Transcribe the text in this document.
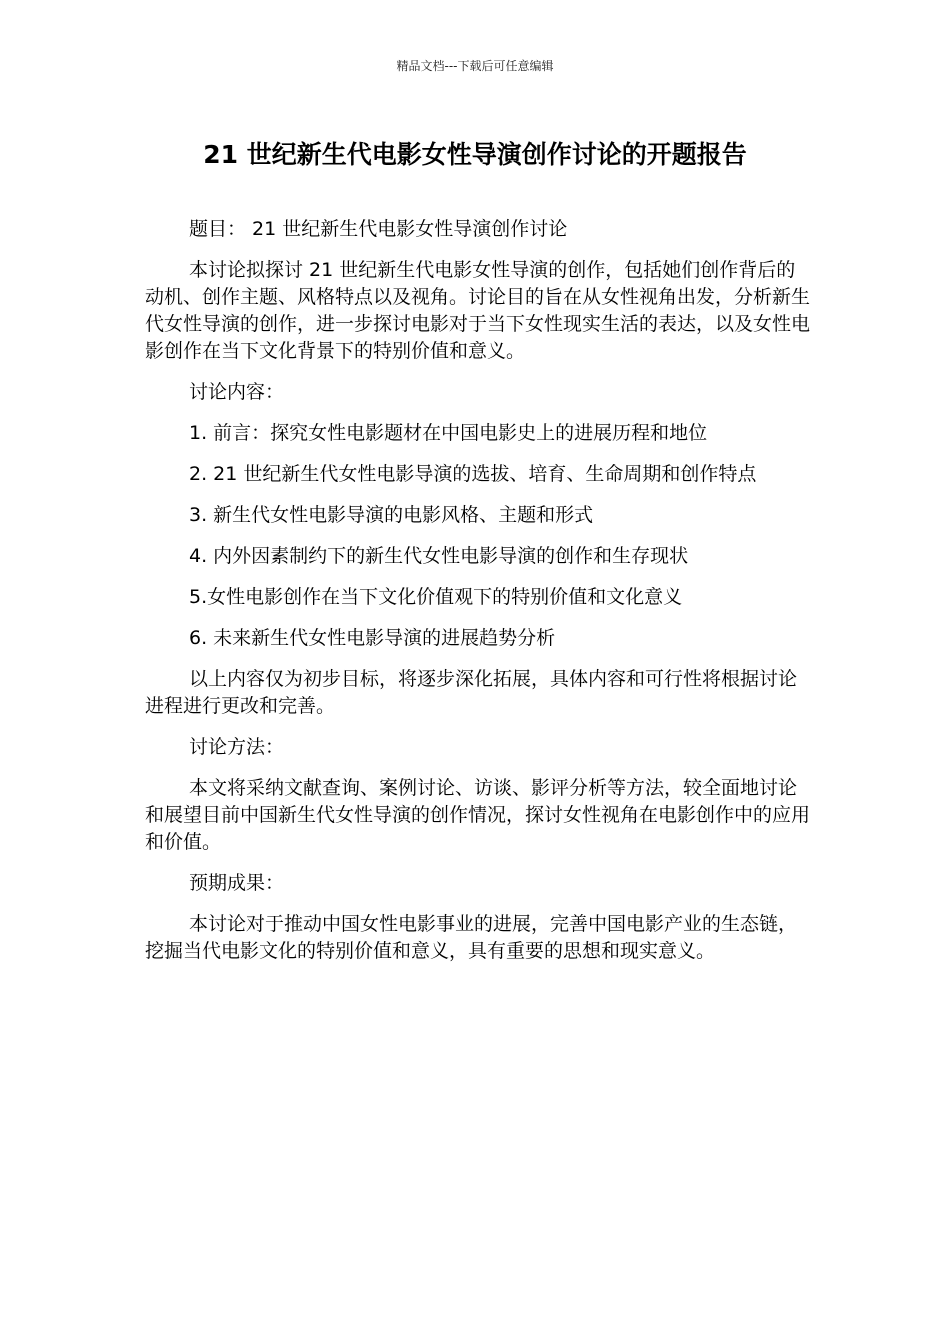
精品文档---下载后可任意编辑
21 世纪新生代电影女性导演创作讨论的开题报告

题目： 21 世纪新生代电影女性导演创作讨论

本讨论拟探讨 21 世纪新生代电影女性导演的创作，包括她们创作背后的动机、创作主题、风格特点以及视角。讨论目的旨在从女性视角出发，分析新生代女性导演的创作，进一步探讨电影对于当下女性现实生活的表达，以及女性电影创作在当下文化背景下的特别价值和意义。

讨论内容：

1. 前言：探究女性电影题材在中国电影史上的进展历程和地位

2. 21 世纪新生代女性电影导演的选拔、培育、生命周期和创作特点

3. 新生代女性电影导演的电影风格、主题和形式

4. 内外因素制约下的新生代女性电影导演的创作和生存现状

5.女性电影创作在当下文化价值观下的特别价值和文化意义

6. 未来新生代女性电影导演的进展趋势分析

以上内容仅为初步目标，将逐步深化拓展，具体内容和可行性将根据讨论进程进行更改和完善。

讨论方法：

本文将采纳文献查询、案例讨论、访谈、影评分析等方法，较全面地讨论和展望目前中国新生代女性导演的创作情况，探讨女性视角在电影创作中的应用和价值。

预期成果：

本讨论对于推动中国女性电影事业的进展，完善中国电影产业的生态链，挖掘当代电影文化的特别价值和意义，具有重要的思想和现实意义。
